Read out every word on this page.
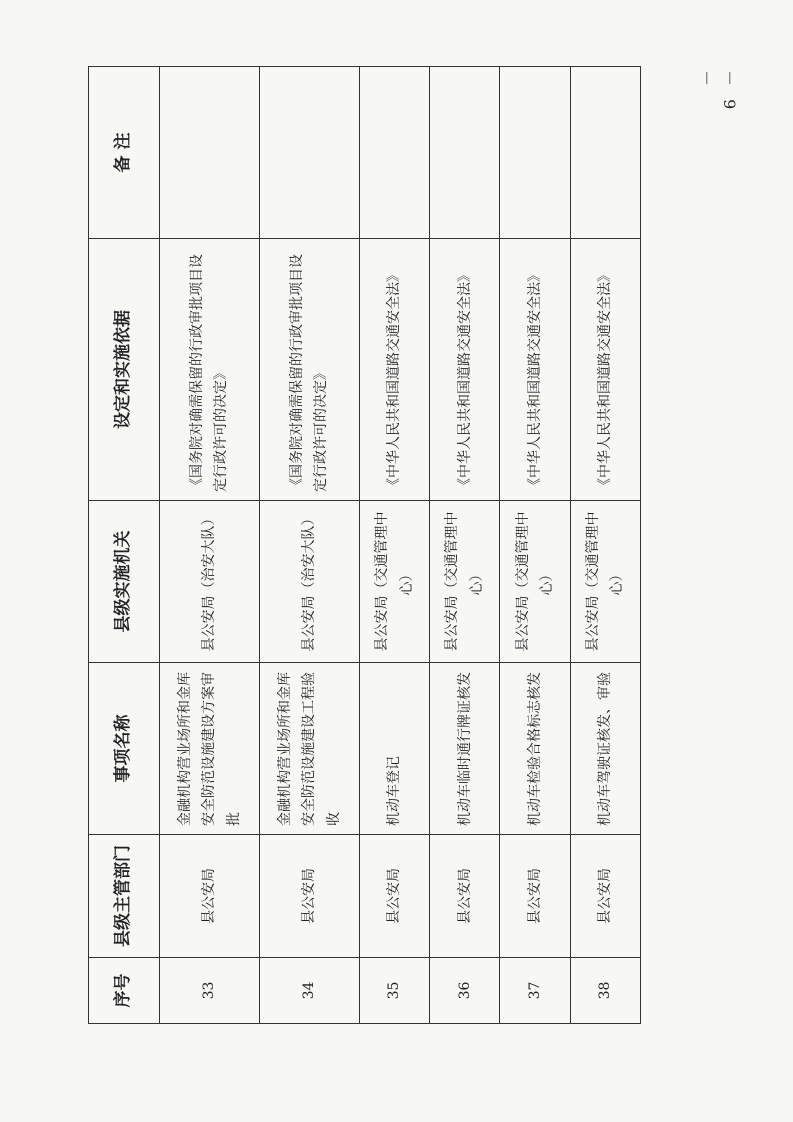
－ 9 －
序号	县级主管部门	事项名称	县级实施机关	设定和实施依据	备 注
33	县公安局	金融机构营业场所和金库安全防范设施建设方案审批	县公安局（治安大队）	《国务院对确需保留的行政审批项目设定行政许可的决定》	
34	县公安局	金融机构营业场所和金库安全防范设施建设工程验收	县公安局（治安大队）	《国务院对确需保留的行政审批项目设定行政许可的决定》	
35	县公安局	机动车登记	县公安局（交通管理中心）	《中华人民共和国道路交通安全法》	
36	县公安局	机动车临时通行牌证核发	县公安局（交通管理中心）	《中华人民共和国道路交通安全法》	
37	县公安局	机动车检验合格标志核发	县公安局（交通管理中心）	《中华人民共和国道路交通安全法》	
38	县公安局	机动车驾驶证核发、审验	县公安局（交通管理中心）	《中华人民共和国道路交通安全法》	
